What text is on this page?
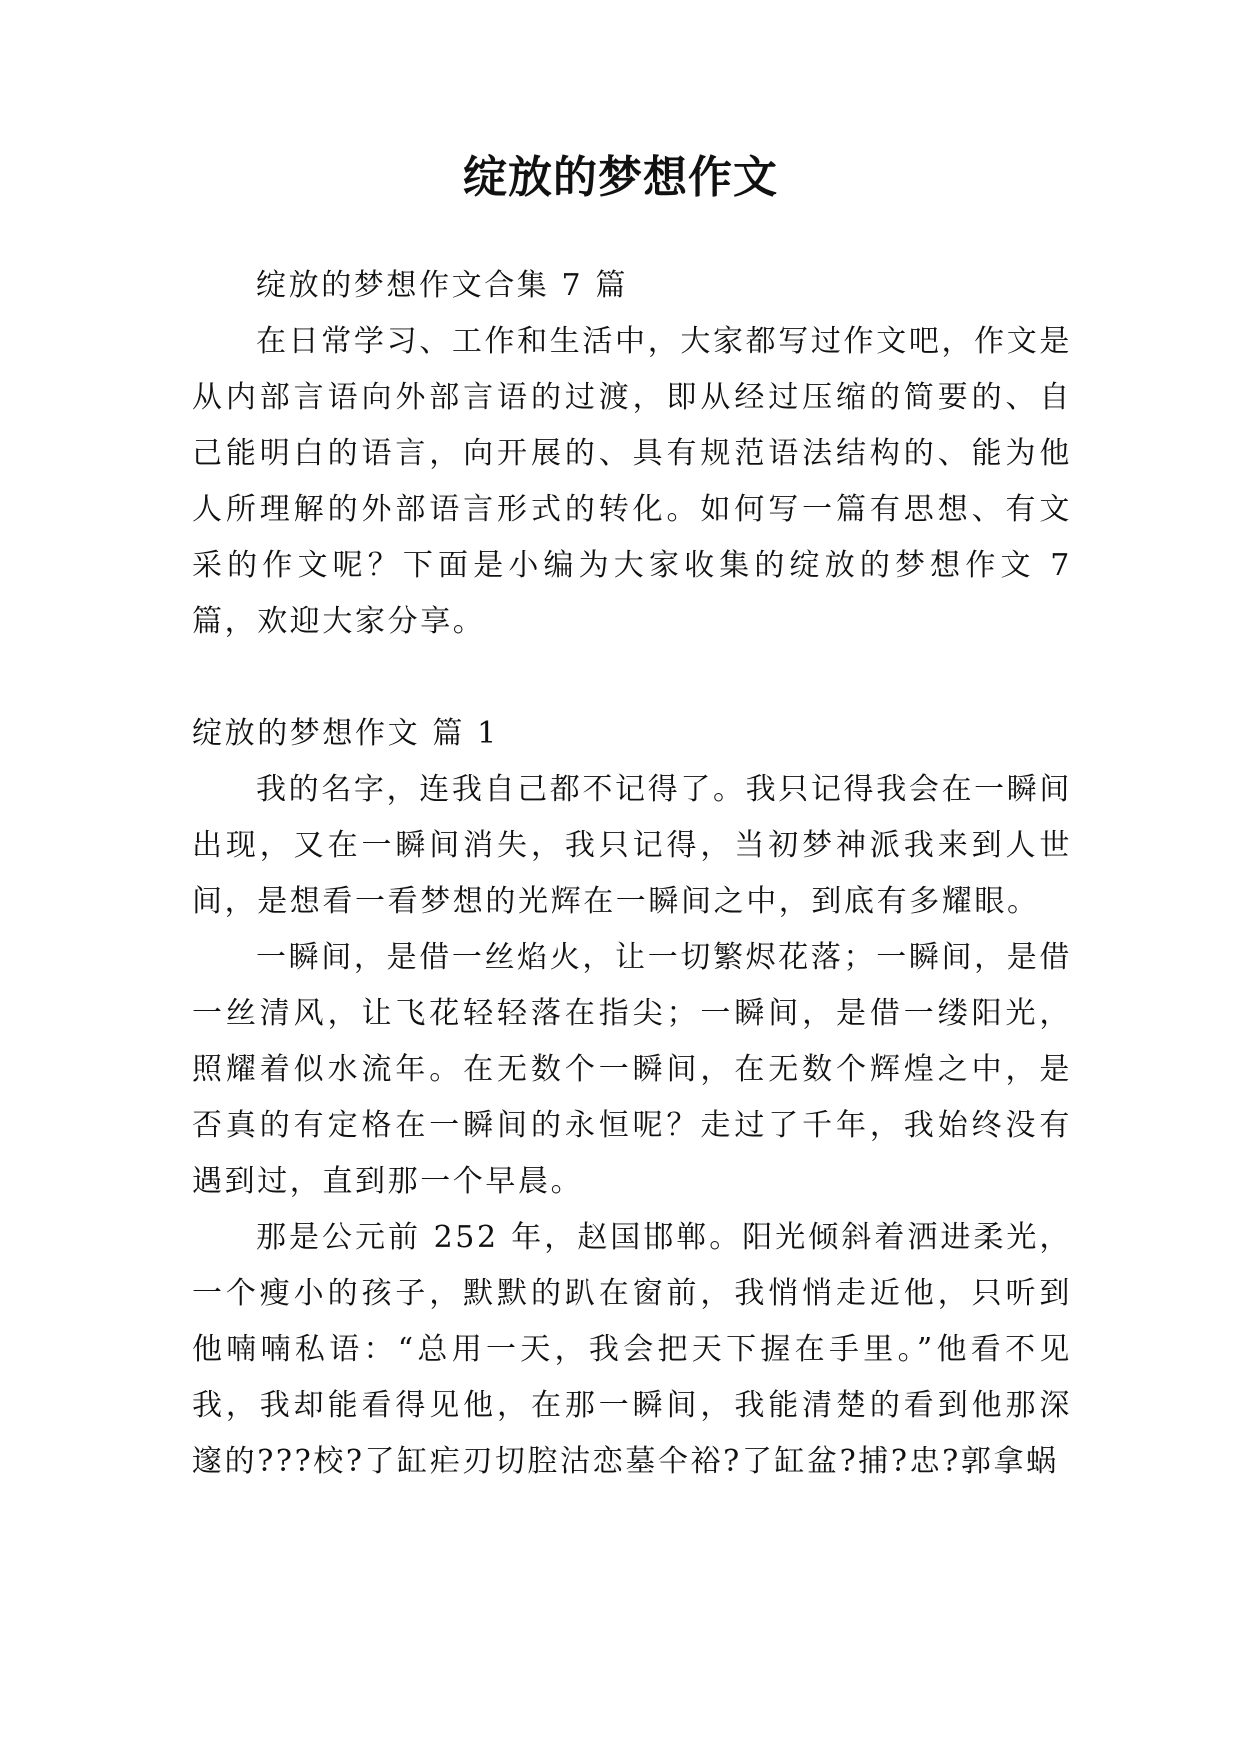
绽放的梦想作文

绽放的梦想作文合集 7 篇

在日常学习、工作和生活中，大家都写过作文吧，作文是从内部言语向外部言语的过渡，即从经过压缩的简要的、自己能明白的语言，向开展的、具有规范语法结构的、能为他人所理解的外部语言形式的转化。如何写一篇有思想、有文采的作文呢？下面是小编为大家收集的绽放的梦想作文 7 篇，欢迎大家分享。

绽放的梦想作文 篇 1

我的名字，连我自己都不记得了。我只记得我会在一瞬间出现，又在一瞬间消失，我只记得，当初梦神派我来到人世间，是想看一看梦想的光辉在一瞬间之中，到底有多耀眼。

一瞬间，是借一丝焰火，让一切繁烬花落；一瞬间，是借一丝清风，让飞花轻轻落在指尖；一瞬间，是借一缕阳光，照耀着似水流年。在无数个一瞬间，在无数个辉煌之中，是否真的有定格在一瞬间的永恒呢？走过了千年，我始终没有遇到过，直到那一个早晨。

那是公元前 252 年，赵国邯郸。阳光倾斜着洒进柔光，一个瘦小的孩子，默默的趴在窗前，我悄悄走近他，只听到他喃喃私语：“总用一天，我会把天下握在手里。”他看不见我，我却能看得见他，在那一瞬间，我能清楚的看到他那深邃的???校?了缸疟刃切腔沽恋墓仐裕?了缸盆?捕?忠?郭拿蜗
